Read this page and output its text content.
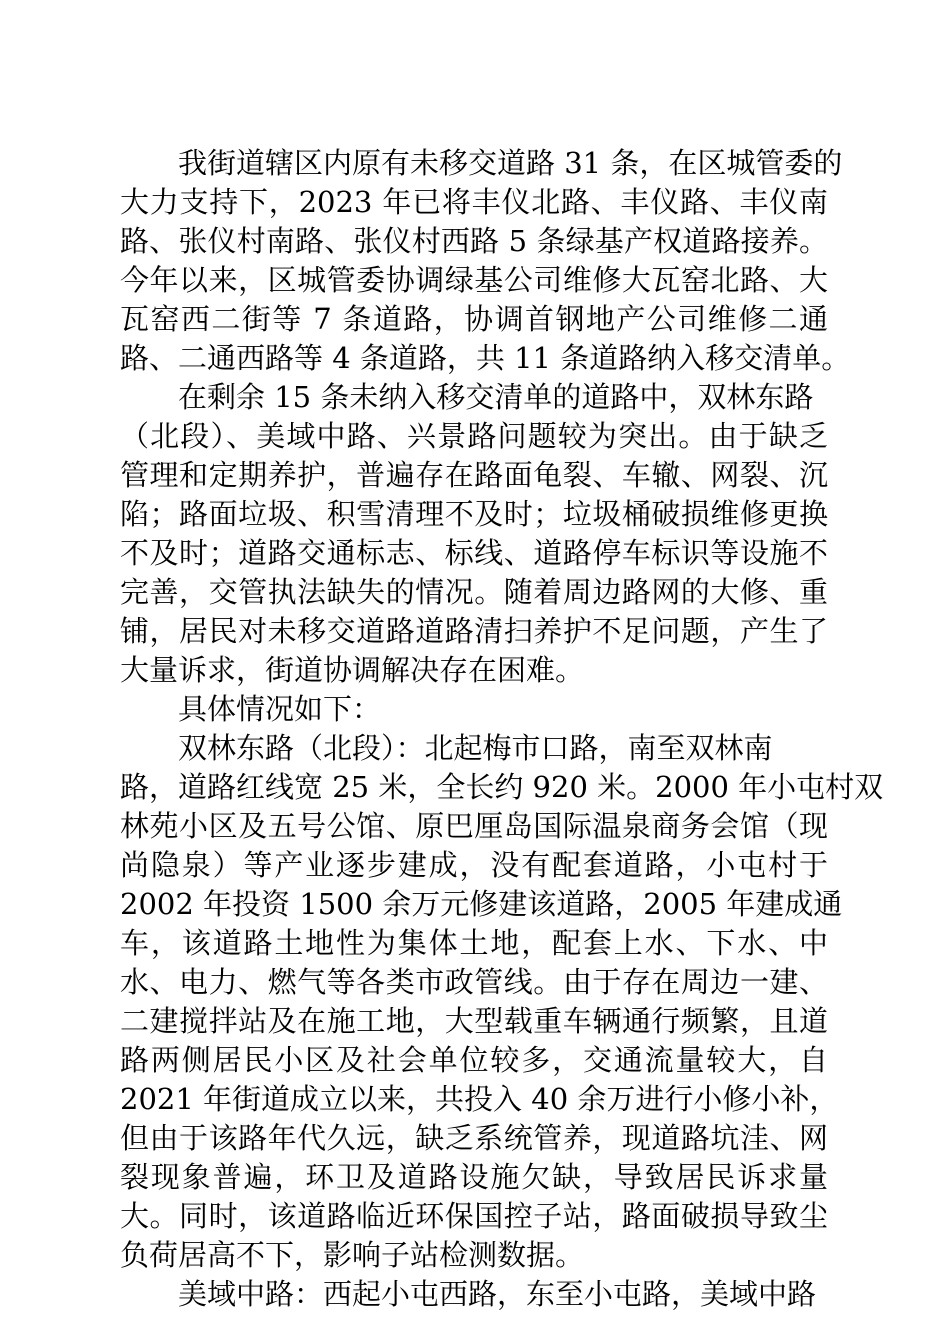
我街道辖区内原有未移交道路 31 条，在区城管委的
大力支持下，2023 年已将丰仪北路、丰仪路、丰仪南
路、张仪村南路、张仪村西路 5 条绿基产权道路接养。
今年以来，区城管委协调绿基公司维修大瓦窑北路、大
瓦窑西二街等 7 条道路，协调首钢地产公司维修二通
路、二通西路等 4 条道路，共 11 条道路纳入移交清单。
在剩余 15 条未纳入移交清单的道路中，双林东路
（北段）、美域中路、兴景路问题较为突出。由于缺乏
管理和定期养护，普遍存在路面龟裂、车辙、网裂、沉
陷；路面垃圾、积雪清理不及时；垃圾桶破损维修更换
不及时；道路交通标志、标线、道路停车标识等设施不
完善，交管执法缺失的情况。随着周边路网的大修、重
铺，居民对未移交道路道路清扫养护不足问题，产生了
大量诉求，街道协调解决存在困难。
具体情况如下：
双林东路（北段）：北起梅市口路，南至双林南
路，道路红线宽 25 米，全长约 920 米。2000 年小屯村双
林苑小区及五号公馆、原巴厘岛国际温泉商务会馆（现
尚隐泉）等产业逐步建成，没有配套道路，小屯村于
2002 年投资 1500 余万元修建该道路，2005 年建成通
车，该道路土地性为集体土地，配套上水、下水、中
水、电力、燃气等各类市政管线。由于存在周边一建、
二建搅拌站及在施工地，大型载重车辆通行频繁，且道
路两侧居民小区及社会单位较多，交通流量较大，自
2021 年街道成立以来，共投入 40 余万进行小修小补，
但由于该路年代久远，缺乏系统管养，现道路坑洼、网
裂现象普遍，环卫及道路设施欠缺，导致居民诉求量
大。同时，该道路临近环保国控子站，路面破损导致尘
负荷居高不下，影响子站检测数据。
美域中路：西起小屯西路，东至小屯路，美域中路
